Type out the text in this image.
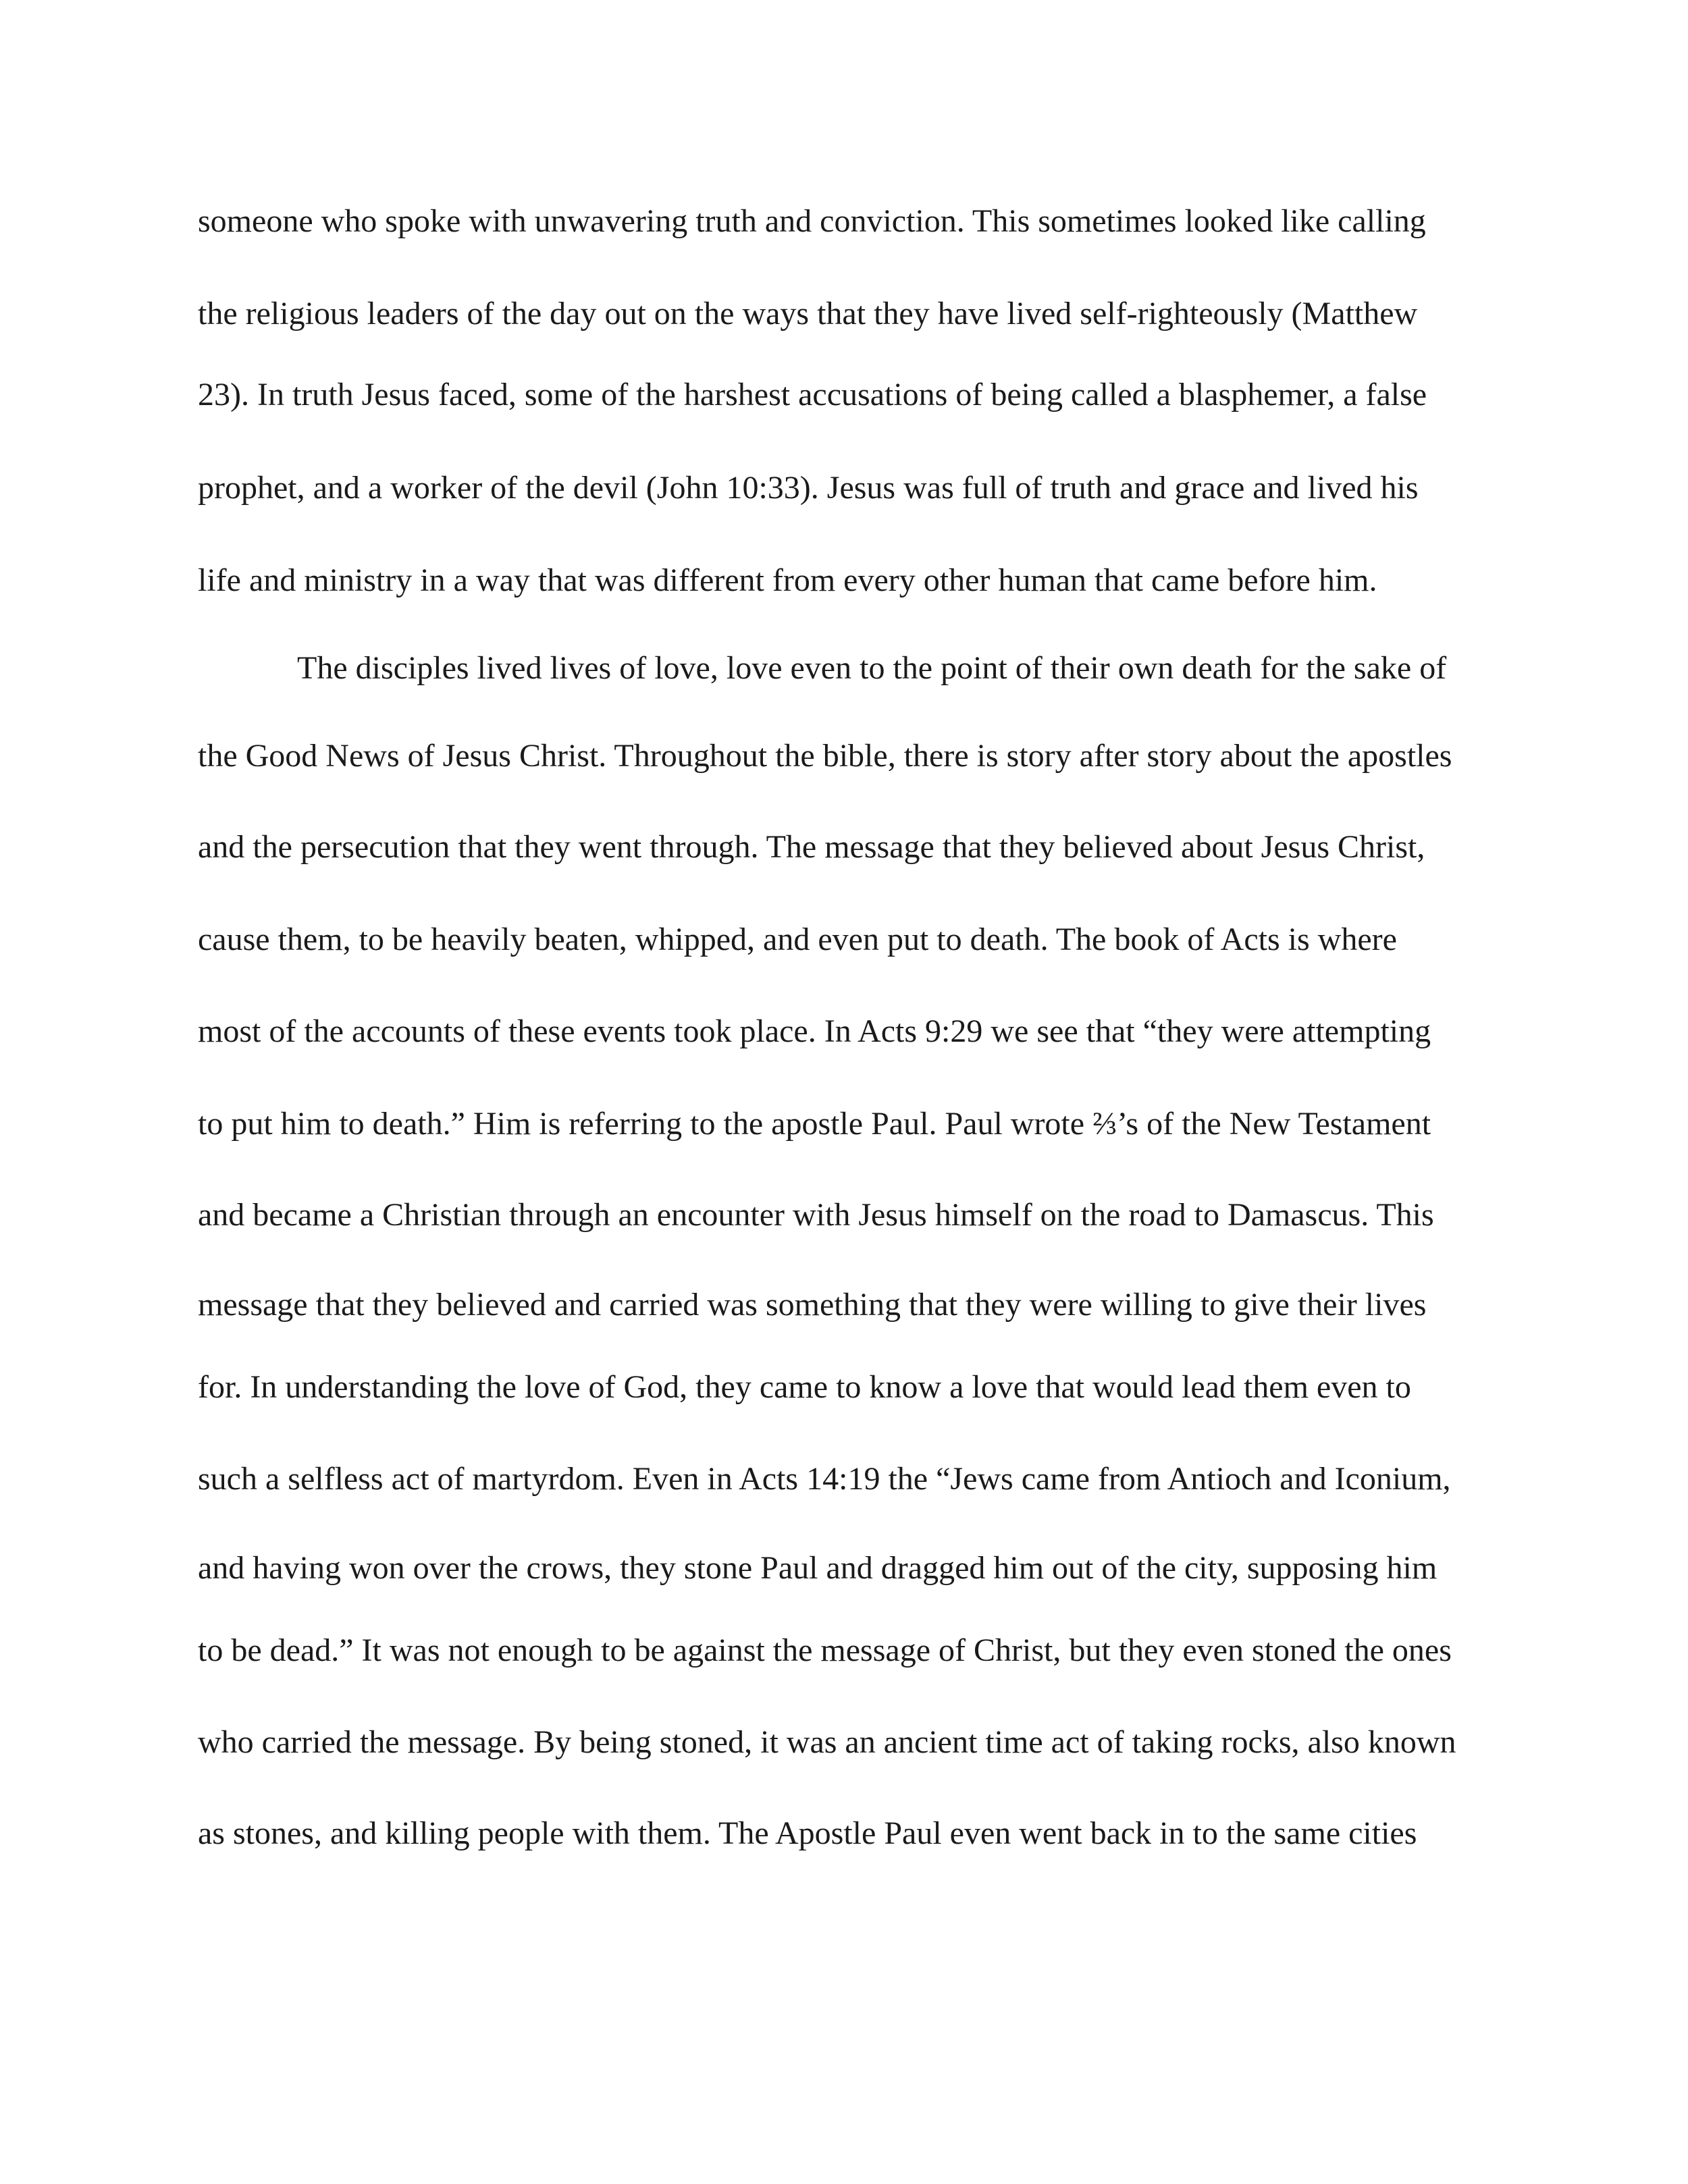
someone who spoke with unwavering truth and conviction. This sometimes looked like calling

the religious leaders of the day out on the ways that they have lived self-righteously (Matthew

23). In truth Jesus faced, some of the harshest accusations of being called a blasphemer, a false

prophet, and a worker of the devil (John 10:33). Jesus was full of truth and grace and lived his

life and ministry in a way that was different from every other human that came before him.

The disciples lived lives of love, love even to the point of their own death for the sake of

the Good News of Jesus Christ. Throughout the bible, there is story after story about the apostles

and the persecution that they went through. The message that they believed about Jesus Christ,

cause them, to be heavily beaten, whipped, and even put to death. The book of Acts is where

most of the accounts of these events took place. In Acts 9:29 we see that “they were attempting

to put him to death.” Him is referring to the apostle Paul. Paul wrote ⅔’s of the New Testament

and became a Christian through an encounter with Jesus himself on the road to Damascus. This

message that they believed and carried was something that they were willing to give their lives

for. In understanding the love of God, they came to know a love that would lead them even to

such a selfless act of martyrdom. Even in Acts 14:19 the “Jews came from Antioch and Iconium,

and having won over the crows, they stone Paul and dragged him out of the city, supposing him

to be dead.” It was not enough to be against the message of Christ, but they even stoned the ones

who carried the message. By being stoned, it was an ancient time act of taking rocks, also known

as stones, and killing people with them. The Apostle Paul even went back in to the same cities
